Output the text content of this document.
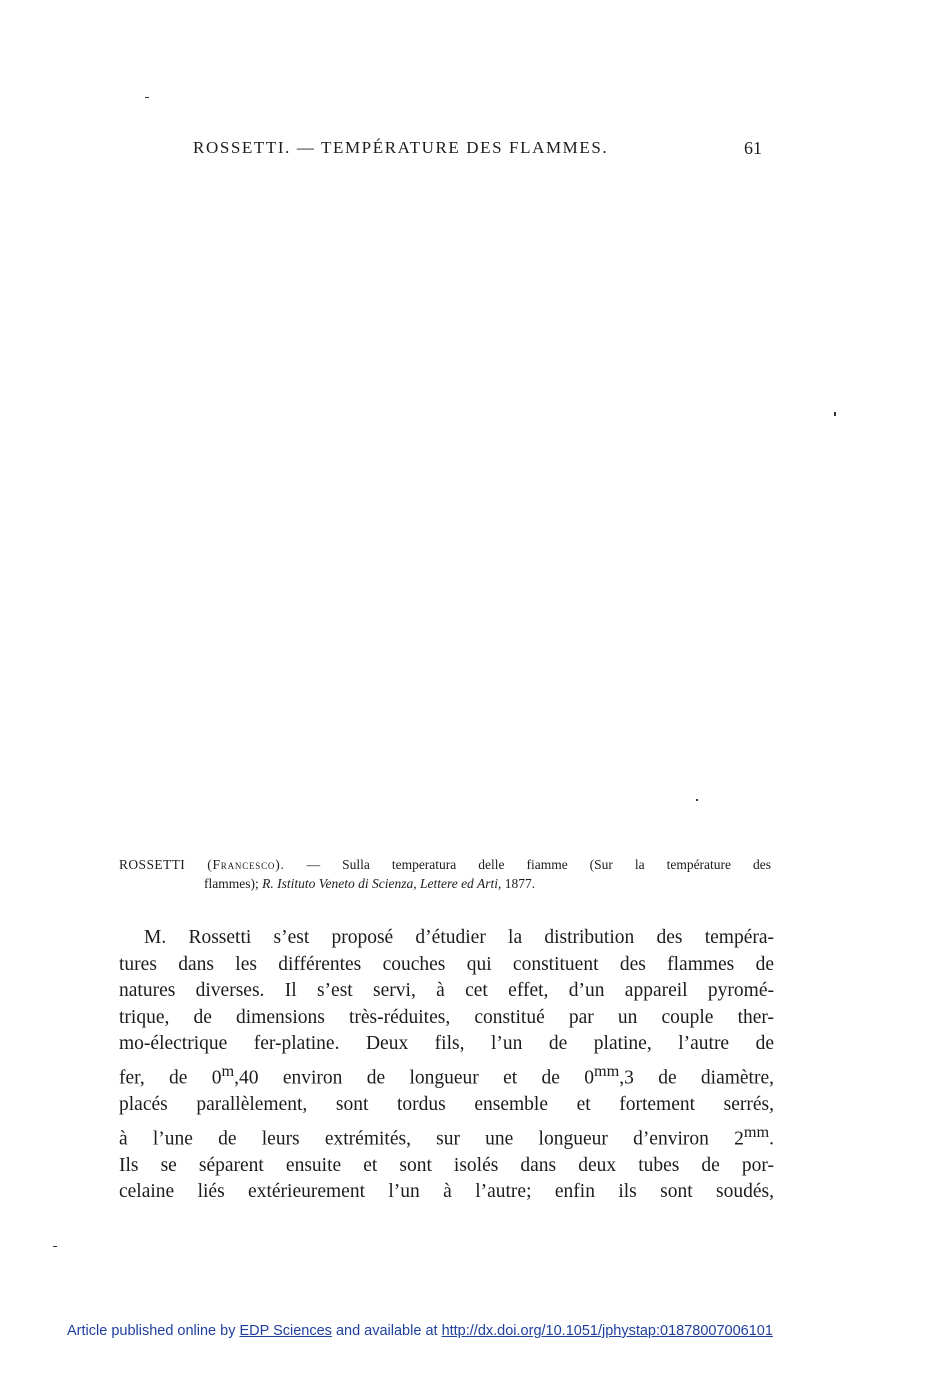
ROSSETTI. — TEMPÉRATURE DES FLAMMES.	61
ROSSETTI (Francesco). — Sulla temperatura delle fiamme (Sur la température des
flammes); R. Istituto Veneto di Scienza, Lettere ed Arti, 1877.
M. Rossetti s’est proposé d’étudier la distribution des tempéra-
tures dans les différentes couches qui constituent des flammes de
natures diverses. Il s’est servi, à cet effet, d’un appareil pyromé-
trique, de dimensions très-réduites, constitué par un couple ther-
mo-électrique fer-platine. Deux fils, l’un de platine, l’autre de
fer, de 0$^m$,40 environ de longueur et de $0^{mm},3$ de diamètre,
placés parallèlement, sont tordus ensemble et fortement serrés,
à l’une de leurs extrémités, sur une longueur d’environ $2^{mm}$.
Ils se séparent ensuite et sont isolés dans deux tubes de por-
celaine liés extérieurement l’un à l’autre; enfin ils sont soudés,
Article published online by EDP Sciences and available at http://dx.doi.org/10.1051/jphystap:01878007006101
